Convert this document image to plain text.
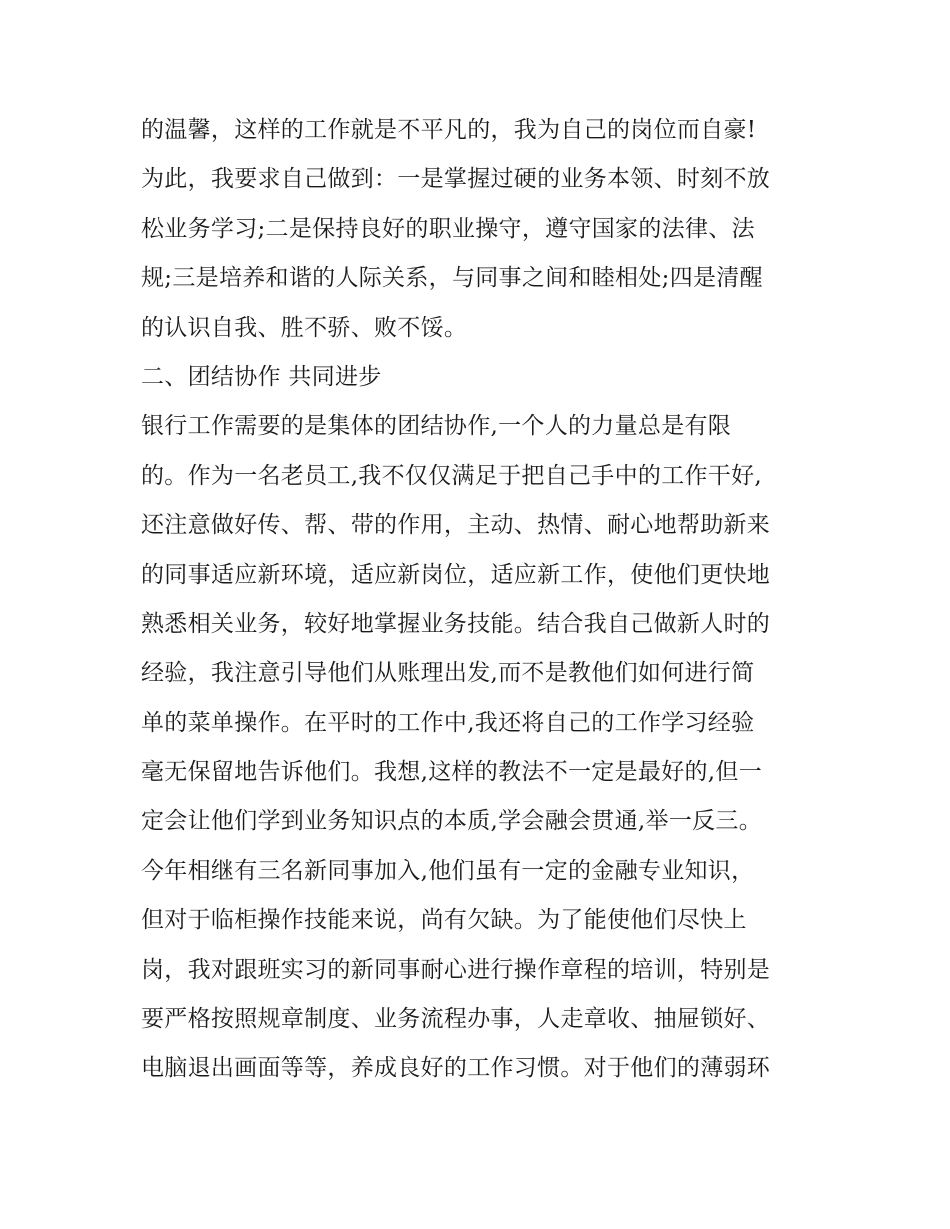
的温馨，这样的工作就是不平凡的，我为自己的岗位而自豪!
为此，我要求自己做到：一是掌握过硬的业务本领、时刻不放
松业务学习;二是保持良好的职业操守，遵守国家的法律、法
规;三是培养和谐的人际关系，与同事之间和睦相处;四是清醒
的认识自我、胜不骄、败不馁。
二、团结协作 共同进步
银行工作需要的是集体的团结协作,一个人的力量总是有限
的。作为一名老员工,我不仅仅满足于把自己手中的工作干好,
还注意做好传、帮、带的作用，主动、热情、耐心地帮助新来
的同事适应新环境，适应新岗位，适应新工作，使他们更快地
熟悉相关业务，较好地掌握业务技能。结合我自己做新人时的
经验，我注意引导他们从账理出发,而不是教他们如何进行简
单的菜单操作。在平时的工作中,我还将自己的工作学习经验
毫无保留地告诉他们。我想,这样的教法不一定是最好的,但一
定会让他们学到业务知识点的本质,学会融会贯通,举一反三。
今年相继有三名新同事加入,他们虽有一定的金融专业知识，
但对于临柜操作技能来说，尚有欠缺。为了能使他们尽快上
岗，我对跟班实习的新同事耐心进行操作章程的培训，特别是
要严格按照规章制度、业务流程办事，人走章收、抽屉锁好、
电脑退出画面等等，养成良好的工作习惯。对于他们的薄弱环
